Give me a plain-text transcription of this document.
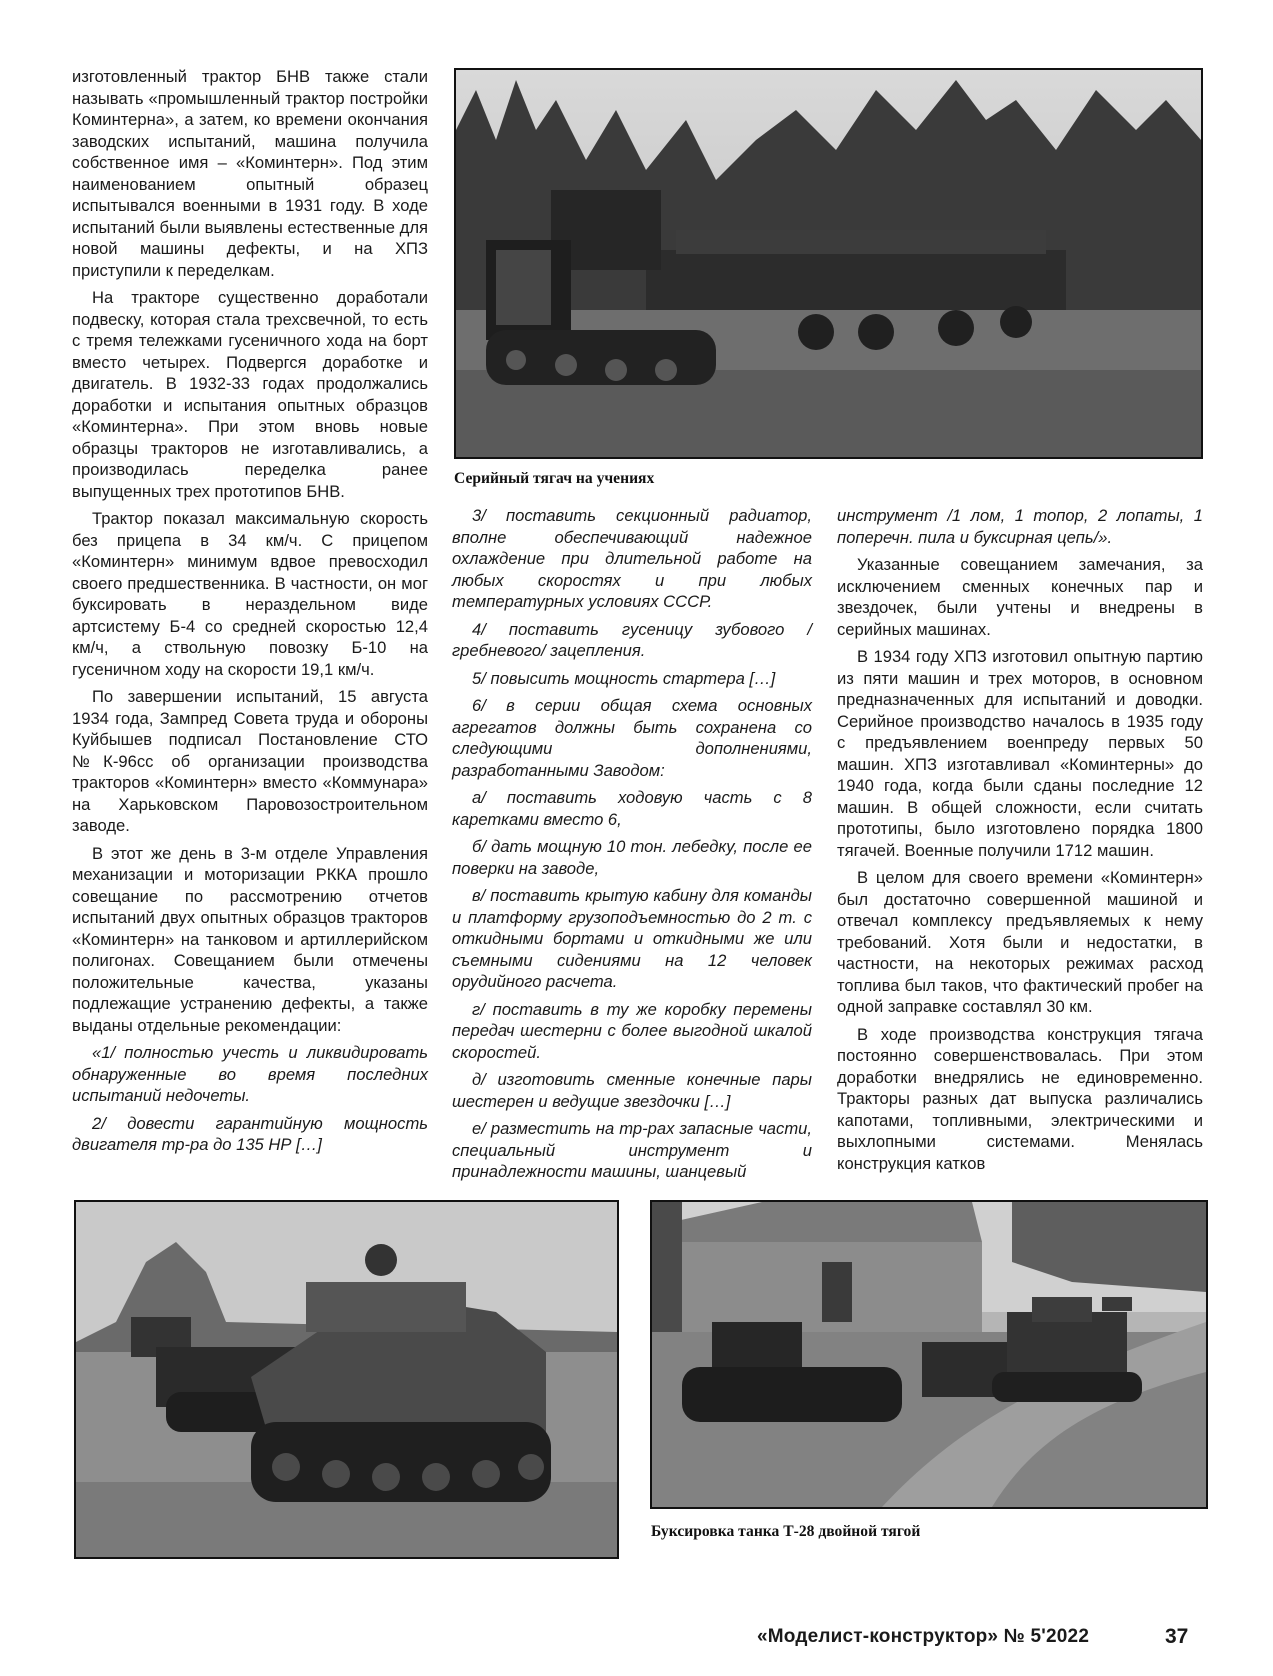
изготовленный трактор БНВ также стали называть «промышленный трактор постройки Коминтерна», а затем, ко времени окончания заводских испытаний, машина получила собственное имя – «Коминтерн». Под этим наименованием опытный образец испытывался военными в 1931 году. В ходе испытаний были выявлены естественные для новой машины дефекты, и на ХПЗ приступили к переделкам.

На тракторе существенно доработали подвеску, которая стала трехсвечной, то есть с тремя тележками гусеничного хода на борт вместо четырех. Подвергся доработке и двигатель. В 1932-33 годах продолжались доработки и испытания опытных образцов «Коминтерна». При этом вновь новые образцы тракторов не изготавливались, а производилась переделка ранее выпущенных трех прототипов БНВ.

Трактор показал максимальную скорость без прицепа в 34 км/ч. С прицепом «Коминтерн» минимум вдвое превосходил своего предшественника. В частности, он мог буксировать в нераздельном виде артсистему Б-4 со средней скоростью 12,4 км/ч, а ствольную повозку Б-10 на гусеничном ходу на скорости 19,1 км/ч.

По завершении испытаний, 15 августа 1934 года, Зампред Совета труда и обороны Куйбышев подписал Постановление СТО №К-96сс об организации производства тракторов «Коминтерн» вместо «Коммунара» на Харьковском Паровозостроительном заводе.

В этот же день в 3-м отделе Управления механизации и моторизации РККА прошло совещание по рассмотрению отчетов испытаний двух опытных образцов тракторов «Коминтерн» на танковом и артиллерийском полигонах. Совещанием были отмечены положительные качества, указаны подлежащие устранению дефекты, а также выданы отдельные рекомендации:

«1/ полностью учесть и ликвидировать обнаруженные во время последних испытаний недочеты.

2/ довести гарантийную мощность двигателя тр-ра до 135 НР […]

Серийный тягач на учениях

3/ поставить секционный радиатор, вполне обеспечивающий надежное охлаждение при длительной работе на любых скоростях и при любых температурных условиях СССР.

4/ поставить гусеницу зубового /гребневого/ зацепления.

5/ повысить мощность стартера […]

6/ в серии общая схема основных агрегатов должны быть сохранена со следующими дополнениями, разработанными Заводом:

а/ поставить ходовую часть с 8 каретками вместо 6,

б/ дать мощную 10 тон. лебедку, после ее поверки на заводе,

в/ поставить крытую кабину для команды и платформу грузоподъемностью до 2 т. с откидными бортами и откидными же или съемными сидениями на 12 человек орудийного расчета.

г/ поставить в ту же коробку перемены передач шестерни с более выгодной шкалой скоростей.

д/ изготовить сменные конечные пары шестерен и ведущие звездочки […]

е/ разместить на тр-рах запасные части, специальный инструмент и принадлежности машины, шанцевый

инструмент /1 лом, 1 топор, 2 лопаты, 1 поперечн. пила и буксирная цепь/».

Указанные совещанием замечания, за исключением сменных конечных пар и звездочек, были учтены и внедрены в серийных машинах.

В 1934 году ХПЗ изготовил опытную партию из пяти машин и трех моторов, в основном предназначенных для испытаний и доводки. Серийное производство началось в 1935 году с предъявлением военпреду первых 50 машин. ХПЗ изготавливал «Коминтерны» до 1940 года, когда были сданы последние 12 машин. В общей сложности, если считать прототипы, было изготовлено порядка 1800 тягачей. Военные получили 1712 машин.

В целом для своего времени «Коминтерн» был достаточно совершенной машиной и отвечал комплексу предъявляемых к нему требований. Хотя были и недостатки, в частности, на некоторых режимах расход топлива был таков, что фактический пробег на одной заправке составлял 30 км.

В ходе производства конструкция тягача постоянно совершенствовалась. При этом доработки внедрялись не единовременно. Тракторы разных дат выпуска различались капотами, топливными, электрическими и выхлопными системами. Менялась конструкция катков

Буксировка танка Т-28 двойной тягой
«Моделист-конструктор» № 5'2022	37
